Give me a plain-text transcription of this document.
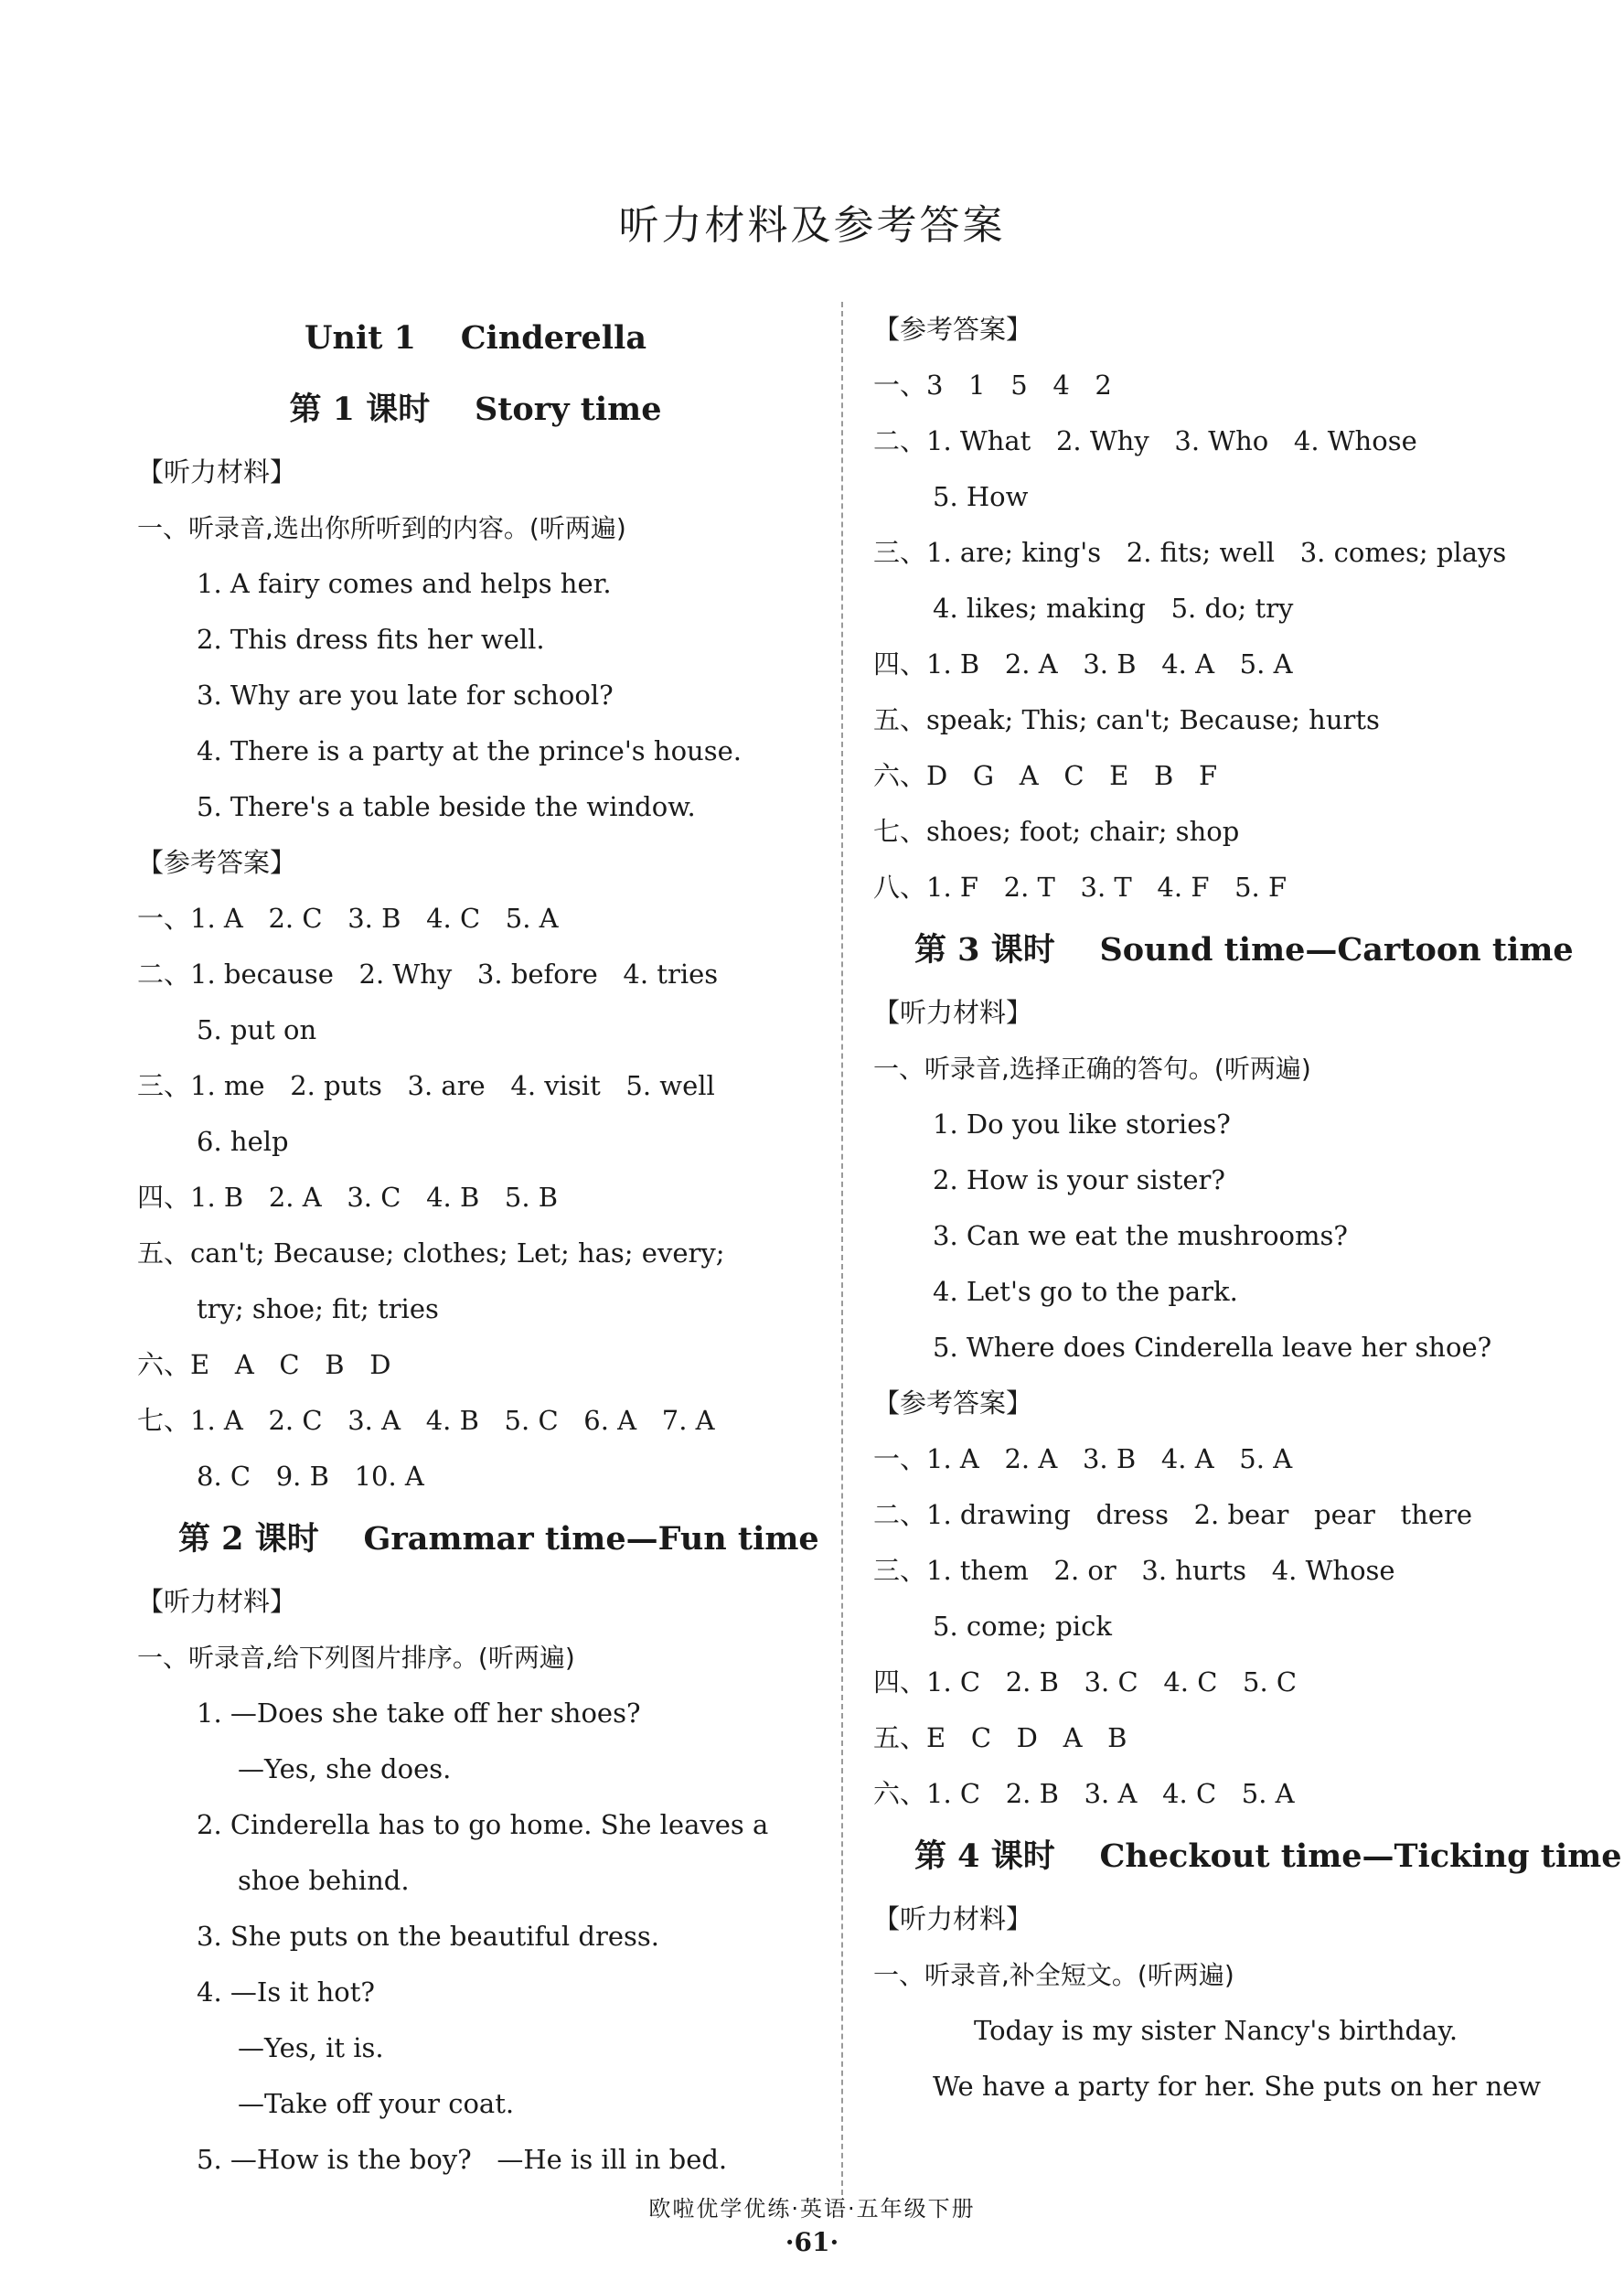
听力材料及参考答案
Unit 1    Cinderella
第 1 课时    Story time
【听力材料】
一、听录音,选出你所听到的内容。(听两遍)
1. A fairy comes and helps her.
2. This dress fits her well.
3. Why are you late for school?
4. There is a party at the prince's house.
5. There's a table beside the window.
【参考答案】
一、1. A   2. C   3. B   4. C   5. A
二、1. because   2. Why   3. before   4. tries
5. put on
三、1. me   2. puts   3. are   4. visit   5. well
6. help
四、1. B   2. A   3. C   4. B   5. B
五、can't; Because; clothes; Let; has; every;
try; shoe; fit; tries
六、E   A   C   B   D
七、1. A   2. C   3. A   4. B   5. C   6. A   7. A
8. C   9. B   10. A
第 2 课时    Grammar time—Fun time
【听力材料】
一、听录音,给下列图片排序。(听两遍)
1. —Does she take off her shoes?
—Yes, she does.
2. Cinderella has to go home. She leaves a
shoe behind.
3. She puts on the beautiful dress.
4. —Is it hot?
—Yes, it is.
—Take off your coat.
5. —How is the boy?   —He is ill in bed.
【参考答案】
一、3   1   5   4   2
二、1. What   2. Why   3. Who   4. Whose
5. How
三、1. are; king's   2. fits; well   3. comes; plays
4. likes; making   5. do; try
四、1. B   2. A   3. B   4. A   5. A
五、speak; This; can't; Because; hurts
六、D   G   A   C   E   B   F
七、shoes; foot; chair; shop
八、1. F   2. T   3. T   4. F   5. F
第 3 课时    Sound time—Cartoon time
【听力材料】
一、听录音,选择正确的答句。(听两遍)
1. Do you like stories?
2. How is your sister?
3. Can we eat the mushrooms?
4. Let's go to the park.
5. Where does Cinderella leave her shoe?
【参考答案】
一、1. A   2. A   3. B   4. A   5. A
二、1. drawing   dress   2. bear   pear   there
三、1. them   2. or   3. hurts   4. Whose
5. come; pick
四、1. C   2. B   3. C   4. C   5. C
五、E   C   D   A   B
六、1. C   2. B   3. A   4. C   5. A
第 4 课时    Checkout time—Ticking time
【听力材料】
一、听录音,补全短文。(听两遍)
Today is my sister Nancy's birthday.
We have a party for her. She puts on her new
欧啦优学优练·英语·五年级下册
·61·
